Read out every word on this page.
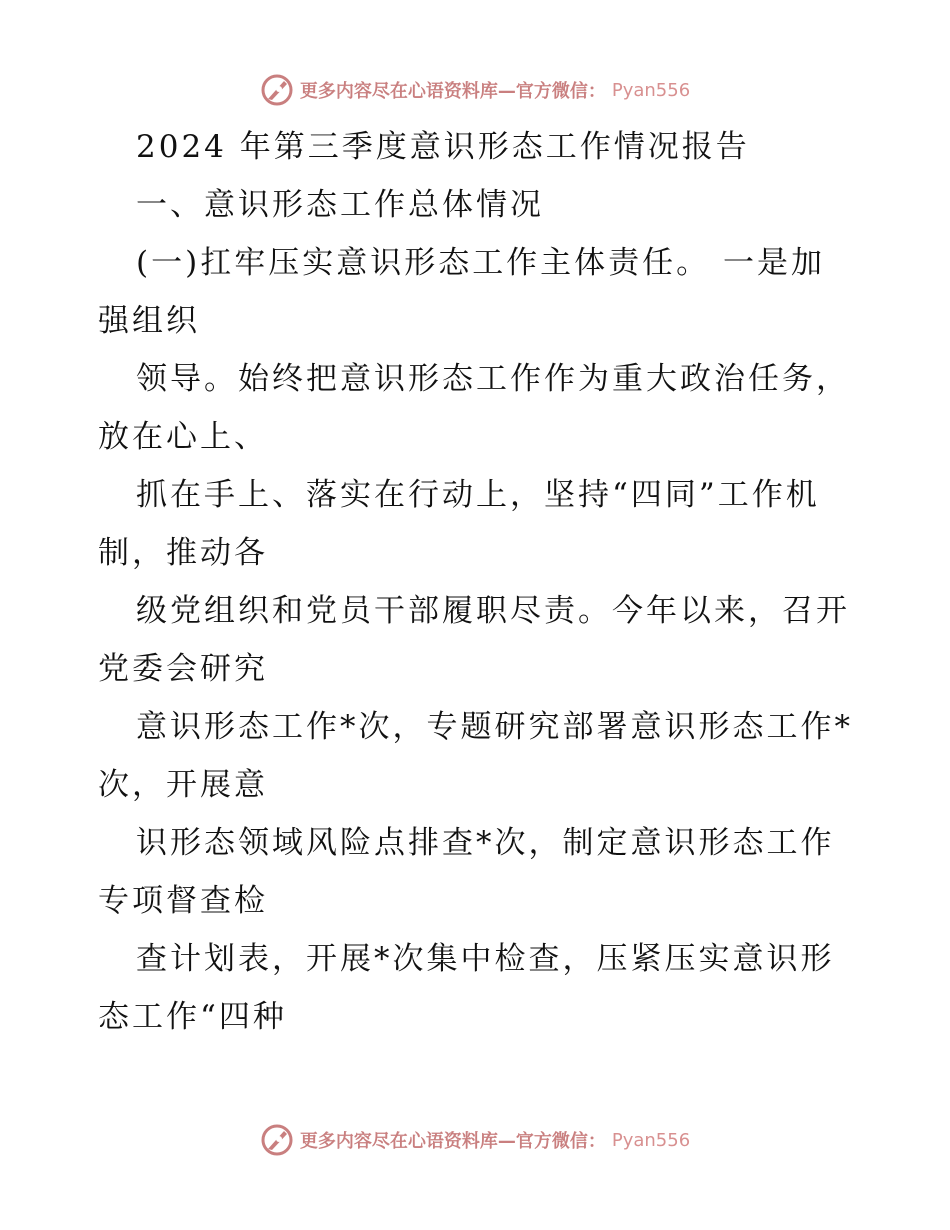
更多内容尽在心语资料库—官方微信： Pyan556
2024 年第三季度意识形态工作情况报告
一、意识形态工作总体情况
(一)扛牢压实意识形态工作主体责任。 一是加
强组织
领导。始终把意识形态工作作为重大政治任务，
放在心上、
抓在手上、落实在行动上，坚持“四同”工作机
制，推动各
级党组织和党员干部履职尽责。今年以来，召开
党委会研究
意识形态工作*次，专题研究部署意识形态工作*
次，开展意
识形态领域风险点排查*次，制定意识形态工作
专项督查检
查计划表，开展*次集中检查，压紧压实意识形
态工作“四种
更多内容尽在心语资料库—官方微信： Pyan556
